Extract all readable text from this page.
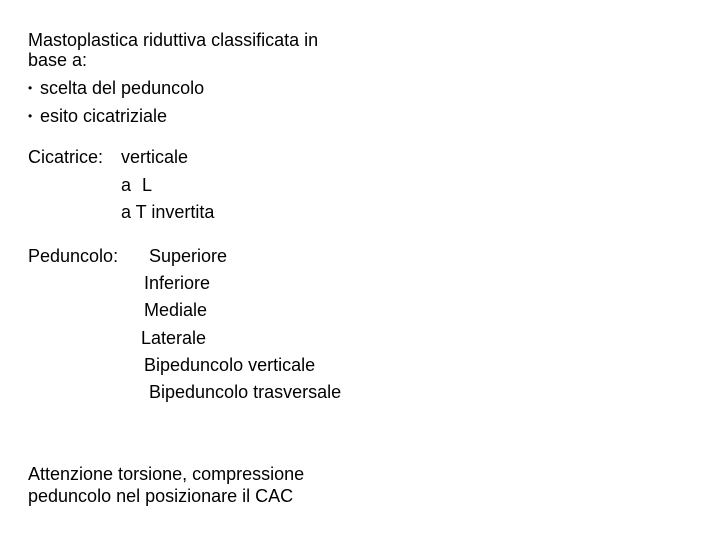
Mastoplastica riduttiva classificata in
base a:
• scelta del peduncolo
• esito cicatriziale
Cicatrice: verticale
a L
a T invertita
Peduncolo: Superiore
Inferiore
Mediale
Laterale
Bipeduncolo verticale
Bipeduncolo trasversale
Attenzione torsione, compressione
peduncolo nel posizionare il CAC
